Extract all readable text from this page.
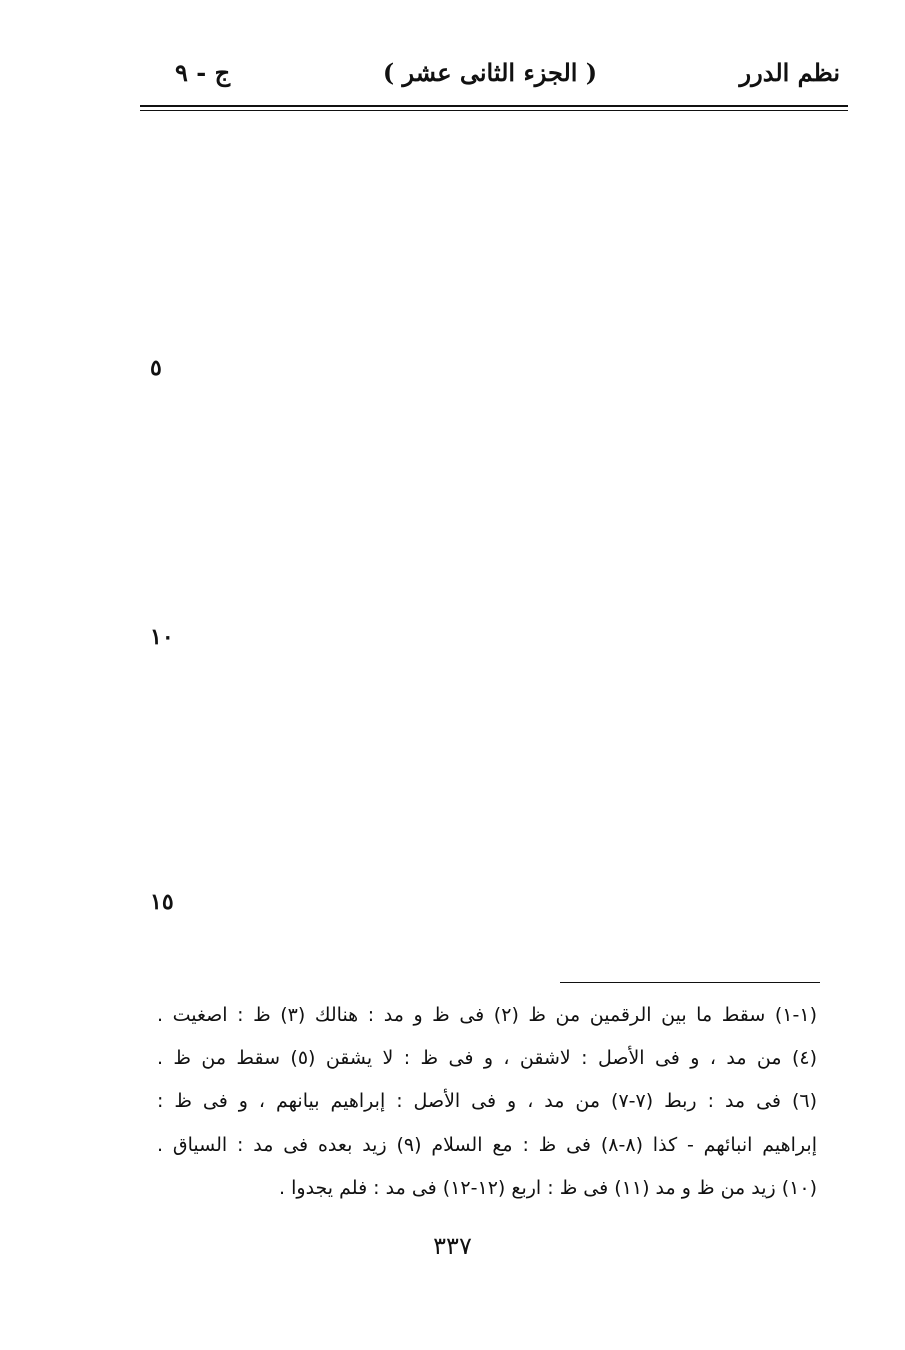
نظم الدرر
( الجزء الثانى عشر )
ج - ٩
٥
١٠
١٥
(١-١) سقط ما بين الرقمين من ظ (٢) فى ظ و مد : هنالك (٣) ظ : اصغيت .
(٤) من مد ، و فى الأصل : لاشقن ، و فى ظ : لا يشقن (٥) سقط من ظ .
(٦) فى مد : ربط (٧-٧) من مد ، و فى الأصل : إبراهيم بيانهم ، و فى ظ :
إبراهيم انبائهم - كذا (٨-٨) فى ظ : مع السلام (٩) زيد بعده فى مد : السياق .
(١٠) زيد من ظ و مد (١١) فى ظ : اربع (١٢-١٢) فى مد : فلم يجدوا .
٣٣٧
